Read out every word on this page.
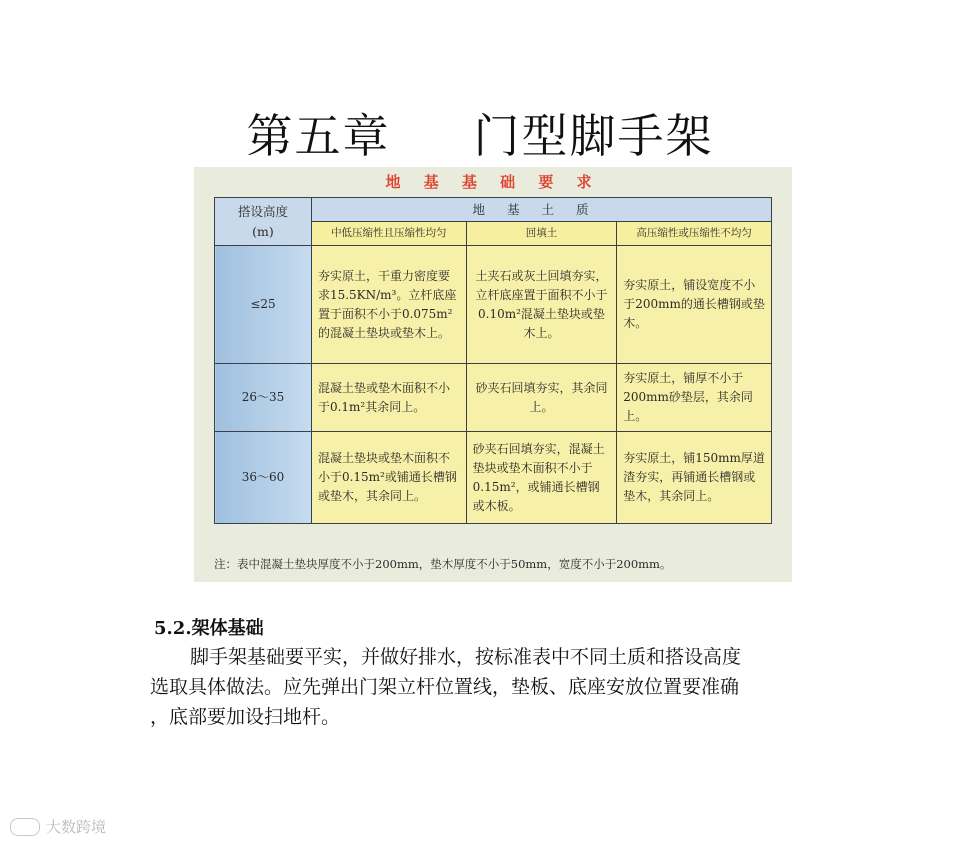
第五章     门型脚手架
地 基 基 础 要 求
搭设高度
(m)	地基土质		
	中低压缩性且压缩性均匀	回填土	高压缩性或压缩性不均匀
≤25	夯实原土，干重力密度要求15.5KN/m³。立杆底座置于面积不小于0.075m²的混凝土垫块或垫木上。	土夹石或灰土回填夯实，立杆底座置于面积不小于0.10m²混凝土垫块或垫木上。	夯实原土，铺设宽度不小于200mm的通长槽钢或垫木。
26～35	混凝土垫或垫木面积不小于0.1m²其余同上。	砂夹石回填夯实，其余同上。	夯实原土，铺厚不小于200mm砂垫层，其余同上。
36～60	混凝土垫块或垫木面积不小于0.15m²或铺通长槽钢或垫木，其余同上。	砂夹石回填夯实，混凝土垫块或垫木面积不小于0.15m²，或铺通长槽钢或木板。	夯实原土，铺150mm厚道渣夯实，再铺通长槽钢或垫木，其余同上。
注：表中混凝土垫块厚度不小于200mm，垫木厚度不小于50mm，宽度不小于200mm。
5.2.架体基础
脚手架基础要平实，并做好排水，按标准表中不同土质和搭设高度
选取具体做法。应先弹出门架立杆位置线，垫板、底座安放位置要准确
，底部要加设扫地杆。
大数跨境
